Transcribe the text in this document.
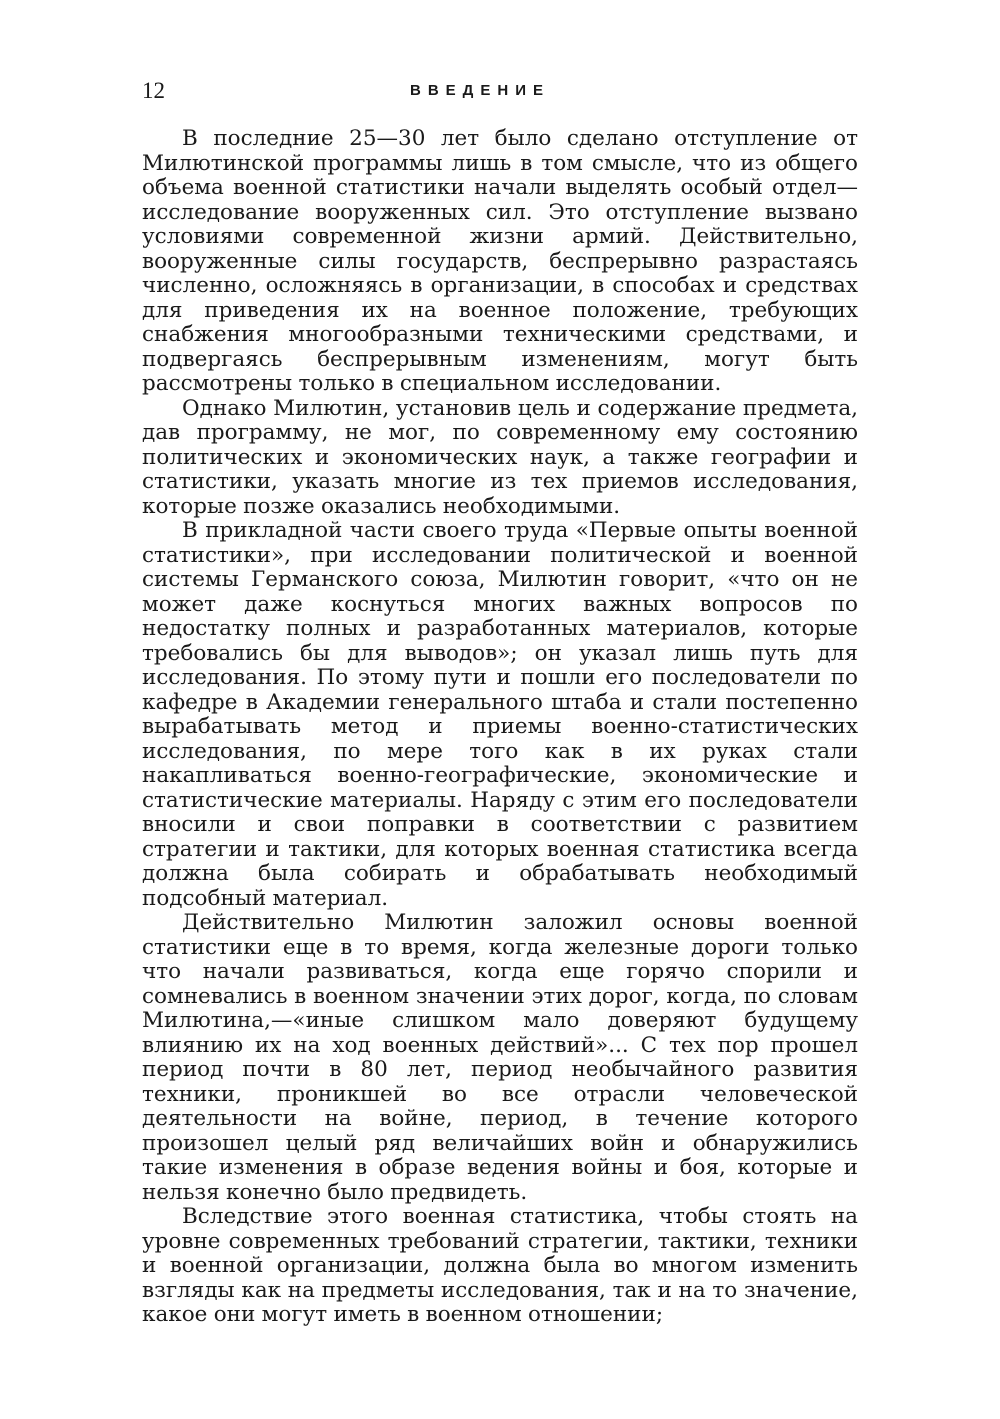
12	ВВЕДЕНИЕ

В последние 25—30 лет было сделано отступление от Милютинской программы лишь в том смысле, что из общего объема военной статистики начали выделять особый отдел— исследование вооруженных сил. Это отступление вызвано условиями современной жизни армий. Действительно, вооруженные силы государств, беспрерывно разрастаясь численно, осложняясь в организации, в способах и средствах для приведения их на военное положение, требующих снабжения многообразными техническими средствами, и подвергаясь беспрерывным изменениям, могут быть рассмотрены только в специальном исследовании.

Однако Милютин, установив цель и содержание предмета, дав программу, не мог, по современному ему состоянию политических и экономических наук, а также географии и статистики, указать многие из тех приемов исследования, которые позже оказались необходимыми.

В прикладной части своего труда «Первые опыты военной статистики», при исследовании политической и военной системы Германского союза, Милютин говорит, «что он не может даже коснуться многих важных вопросов по недостатку полных и разработанных материалов, которые требовались бы для выводов»; он указал лишь путь для исследования. По этому пути и пошли его последователи по кафедре в Академии генерального штаба и стали постепенно вырабатывать метод и приемы военно-статистических исследования, по мере того как в их руках стали накапливаться военно-географические, экономические и статистические материалы. Наряду с этим его последователи вносили и свои поправки в соответствии с развитием стратегии и тактики, для которых военная статистика всегда должна была собирать и обрабатывать необходимый подсобный материал.

Действительно Милютин заложил основы военной статистики еще в то время, когда железные дороги только что начали развиваться, когда еще горячо спорили и сомневались в военном значении этих дорог, когда, по словам Милютина,—«иные слишком мало доверяют будущему влиянию их на ход военных действий»... С тех пор прошел период почти в 80 лет, период необычайного развития техники, проникшей во все отрасли человеческой деятельности на войне, период, в течение которого произошел целый ряд величайших войн и обнаружились такие изменения в образе ведения войны и боя, которые и нельзя конечно было предвидеть.

Вследствие этого военная статистика, чтобы стоять на уровне современных требований стратегии, тактики, техники и военной организации, должна была во многом изменить взгляды как на предметы исследования, так и на то значение, какое они могут иметь в военном отношении;
